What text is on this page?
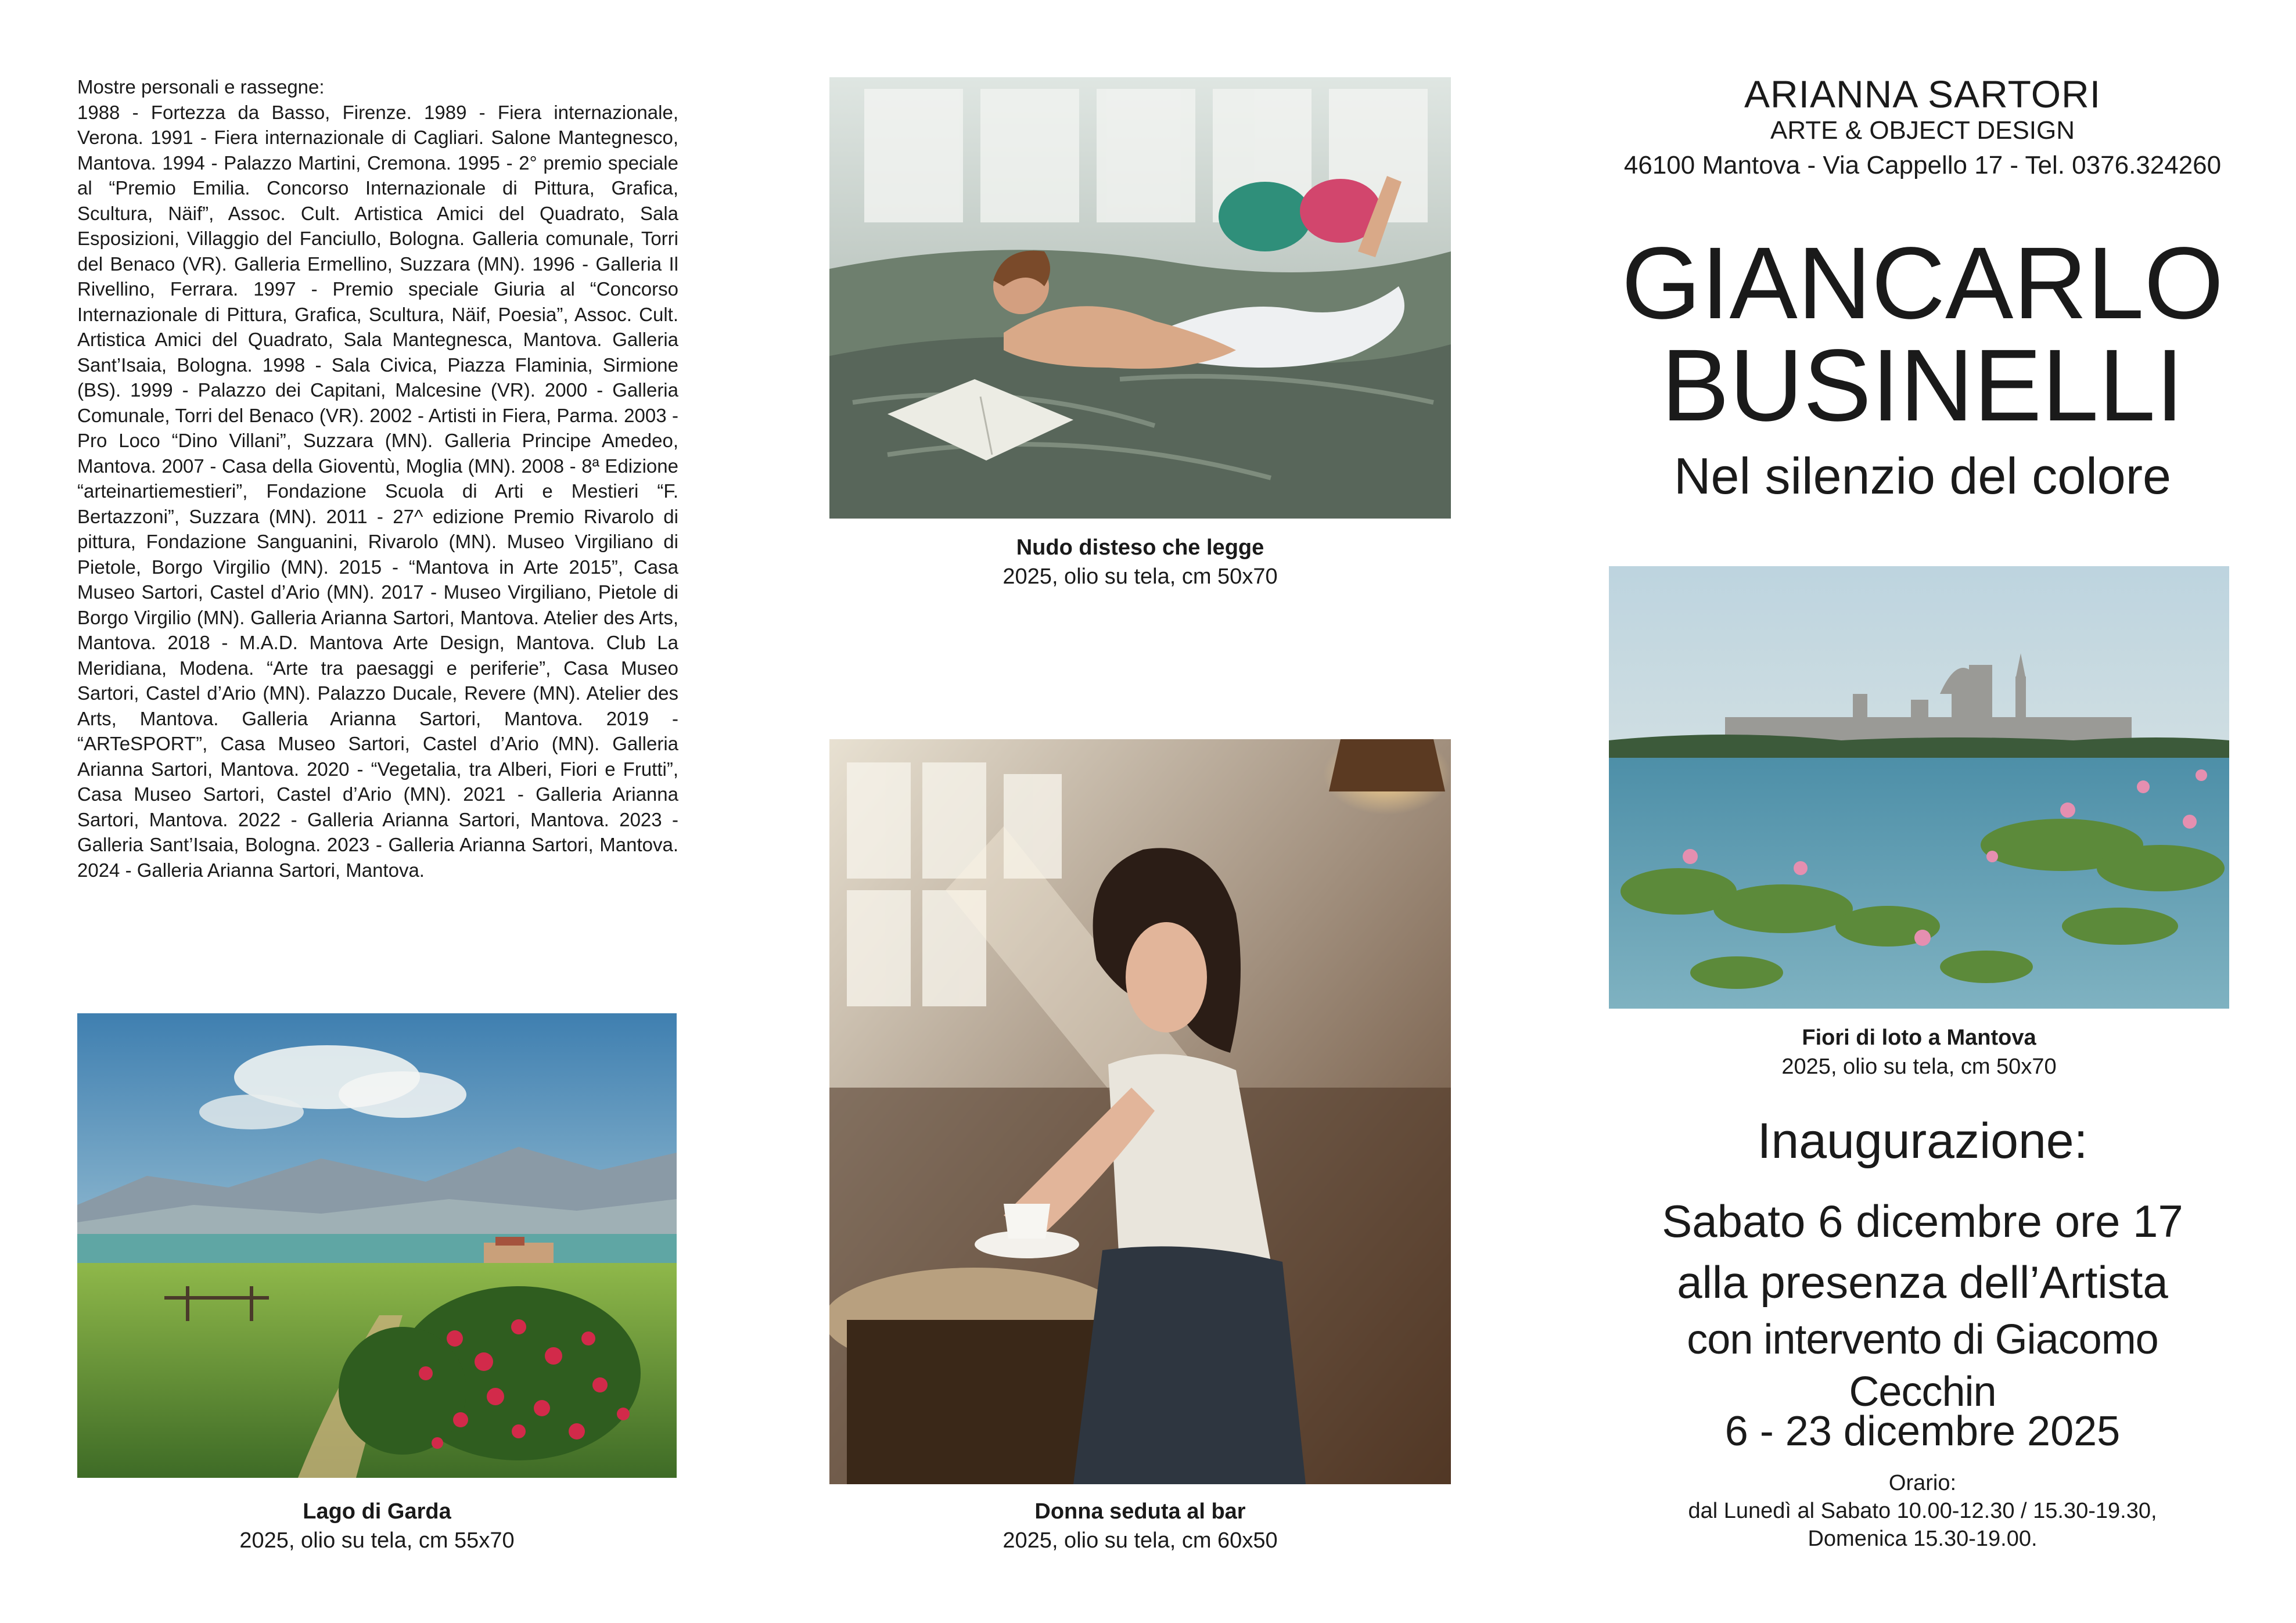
Mostre personali e rassegne:
1988 - Fortezza da Basso, Firenze. 1989 - Fiera internazionale, Verona. 1991 - Fiera internazionale di Cagliari. Salone Mantegnesco, Mantova. 1994 - Palazzo Martini, Cremona. 1995 - 2° premio speciale al “Premio Emilia. Concorso Internazionale di Pittura, Grafica, Scultura, Näif”, Assoc. Cult. Artistica Amici del Quadrato, Sala Esposizioni, Villaggio del Fanciullo, Bologna. Galleria comunale, Torri del Benaco (VR). Galleria Ermellino, Suzzara (MN). 1996 - Galleria Il Rivellino, Ferrara. 1997 - Premio speciale Giuria al “Concorso Internazionale di Pittura, Grafica, Scultura, Näif, Poesia”, Assoc. Cult. Artistica Amici del Quadrato, Sala Mantegnesca, Mantova. Galleria Sant’Isaia, Bologna. 1998 - Sala Civica, Piazza Flaminia, Sirmione (BS). 1999 - Palazzo dei Capitani, Malcesine (VR). 2000 - Galleria Comunale, Torri del Benaco (VR). 2002 - Artisti in Fiera, Parma. 2003 - Pro Loco “Dino Villani”, Suzzara (MN). Galleria Principe Amedeo, Mantova. 2007 - Casa della Gioventù, Moglia (MN). 2008 - 8ª Edizione “arteinartiemestieri”, Fondazione Scuola di Arti e Mestieri “F. Bertazzoni”, Suzzara (MN). 2011 - 27^ edizione Premio Rivarolo di pittura, Fondazione Sanguanini, Rivarolo (MN). Museo Virgiliano di Pietole, Borgo Virgilio (MN). 2015 - “Mantova in Arte 2015”, Casa Museo Sartori, Castel d’Ario (MN). 2017 - Museo Virgiliano, Pietole di Borgo Virgilio (MN). Galleria Arianna Sartori, Mantova. Atelier des Arts, Mantova. 2018 - M.A.D. Mantova Arte Design, Mantova. Club La Meridiana, Modena. “Arte tra paesaggi e periferie”, Casa Museo Sartori, Castel d’Ario (MN). Palazzo Ducale, Revere (MN). Atelier des Arts, Mantova. Galleria Arianna Sartori, Mantova. 2019 - “ARTeSPORT”, Casa Museo Sartori, Castel d’Ario (MN). Galleria Arianna Sartori, Mantova. 2020 - “Vegetalia, tra Alberi, Fiori e Frutti”, Casa Museo Sartori, Castel d’Ario (MN). 2021 - Galleria Arianna Sartori, Mantova. 2022 - Galleria Arianna Sartori, Mantova. 2023 - Galleria Sant’Isaia, Bologna. 2023 - Galleria Arianna Sartori, Mantova. 2024 - Galleria Arianna Sartori, Mantova.
Lago di Garda
2025, olio su tela, cm 55x70
Nudo disteso che legge
2025, olio su tela, cm 50x70
Donna seduta al bar
2025, olio su tela, cm 60x50
ARIANNA SARTORI
ARTE & OBJECT DESIGN
46100 Mantova - Via Cappello 17 - Tel. 0376.324260
GIANCARLO
BUSINELLI
Nel silenzio del colore
Fiori di loto a Mantova
2025, olio su tela, cm 50x70
Inaugurazione:
Sabato 6 dicembre ore 17
alla presenza dell’Artista
con intervento di Giacomo Cecchin
6 - 23 dicembre 2025
Orario:
dal Lunedì al Sabato 10.00-12.30 / 15.30-19.30,
Domenica 15.30-19.00.
